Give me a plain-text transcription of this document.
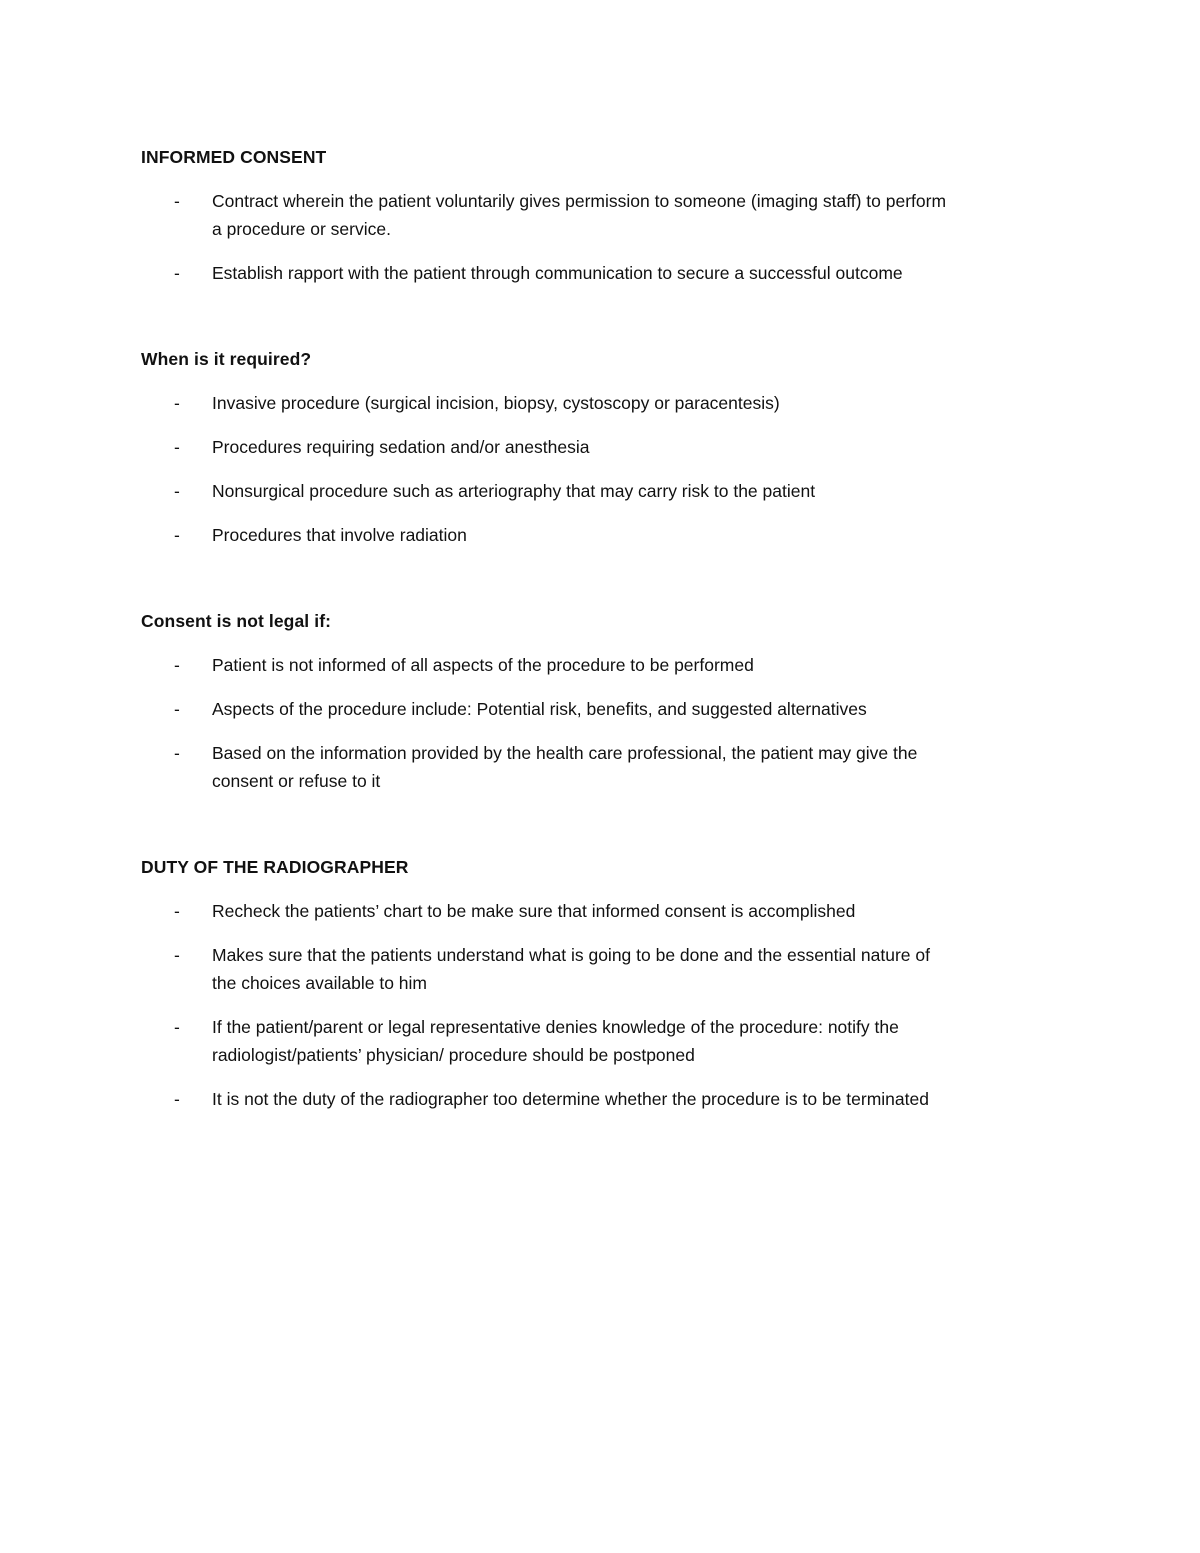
INFORMED CONSENT
- Contract wherein the patient voluntarily gives permission to someone (imaging staff) to perform
a procedure or service.
- Establish rapport with the patient through communication to secure a successful outcome
When is it required?
- Invasive procedure (surgical incision, biopsy, cystoscopy or paracentesis)
- Procedures requiring sedation and/or anesthesia
- Nonsurgical procedure such as arteriography that may carry risk to the patient
- Procedures that involve radiation
Consent is not legal if:
- Patient is not informed of all aspects of the procedure to be performed
- Aspects of the procedure include: Potential risk, benefits, and suggested alternatives
- Based on the information provided by the health care professional, the patient may give the
consent or refuse to it
DUTY OF THE RADIOGRAPHER
- Recheck the patients’ chart to be make sure that informed consent is accomplished
- Makes sure that the patients understand what is going to be done and the essential nature of
the choices available to him
- If the patient/parent or legal representative denies knowledge of the procedure: notify the
radiologist/patients’ physician/ procedure should be postponed
- It is not the duty of the radiographer too determine whether the procedure is to be terminated
